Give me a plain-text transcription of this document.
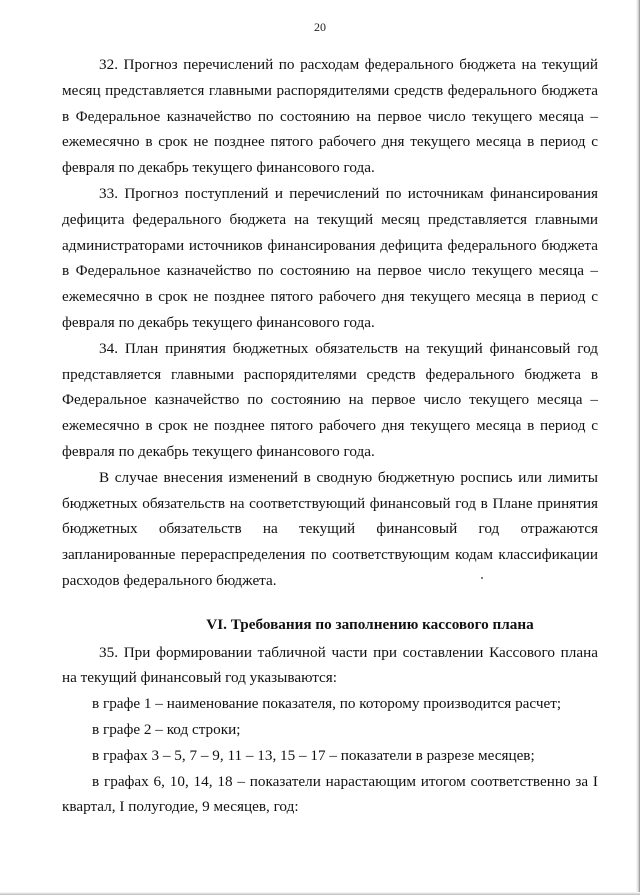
20

32. Прогноз перечислений по расходам федерального бюджета на текущий месяц представляется главными распорядителями средств федерального бюджета в Федеральное казначейство по состоянию на первое число текущего месяца – ежемесячно в срок не позднее пятого рабочего дня текущего месяца в период с февраля по декабрь текущего финансового года.

33. Прогноз поступлений и перечислений по источникам финансирования дефицита федерального бюджета на текущий месяц представляется главными администраторами источников финансирования дефицита федерального бюджета в Федеральное казначейство по состоянию на первое число текущего месяца – ежемесячно в срок не позднее пятого рабочего дня текущего месяца в период с февраля по декабрь текущего финансового года.

34. План принятия бюджетных обязательств на текущий финансовый год представляется главными распорядителями средств федерального бюджета в Федеральное казначейство по состоянию на первое число текущего месяца – ежемесячно в срок не позднее пятого рабочего дня текущего месяца в период с февраля по декабрь текущего финансового года.

В случае внесения изменений в сводную бюджетную роспись или лимиты бюджетных обязательств на соответствующий финансовый год в Плане принятия бюджетных обязательств на текущий финансовый год отражаются запланированные перераспределения по соответствующим кодам классификации расходов федерального бюджета.

VI. Требования по заполнению кассового плана

35. При формировании табличной части при составлении Кассового плана на текущий финансовый год указываются:

в графе 1 – наименование показателя, по которому производится расчет;

в графе 2 – код строки;

в графах 3 – 5, 7 – 9, 11 – 13, 15 – 17 – показатели в разрезе месяцев;

в графах 6, 10, 14, 18 – показатели нарастающим итогом соответственно за I квартал, I полугодие, 9 месяцев, год:
